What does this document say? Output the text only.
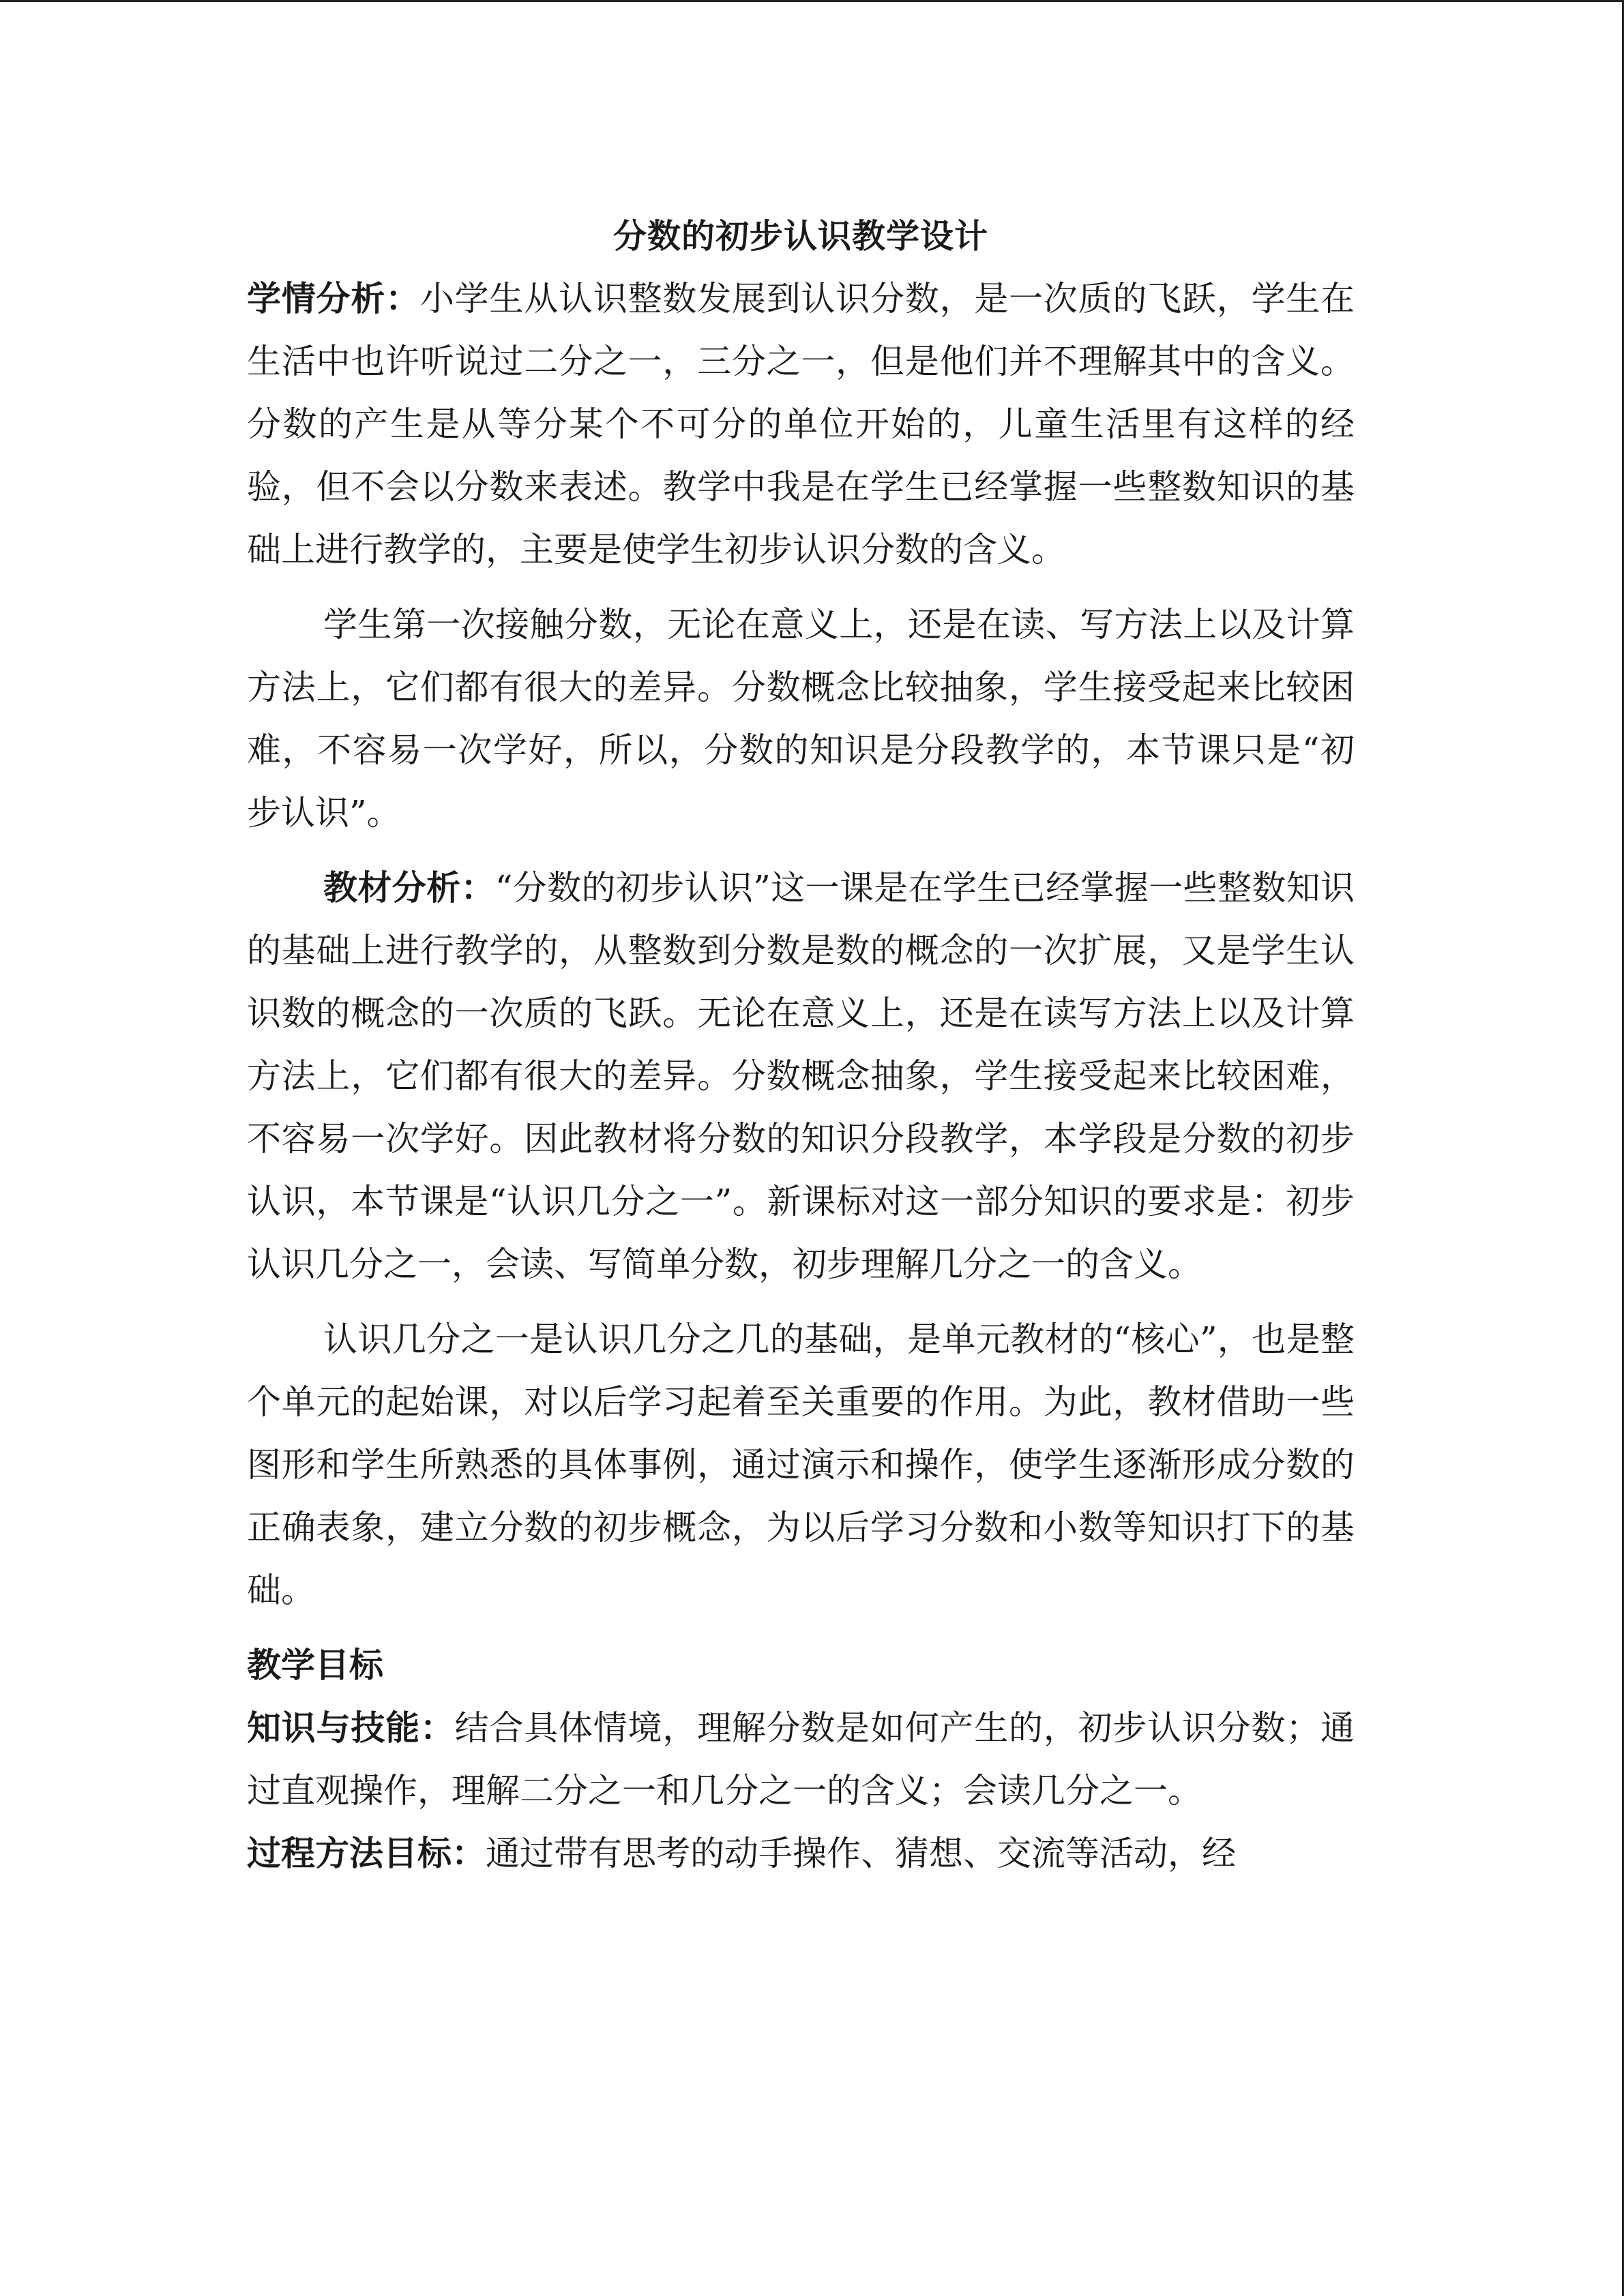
分数的初步认识教学设计

学情分析：小学生从认识整数发展到认识分数，是一次质的飞跃，学生在生活中也许听说过二分之一，三分之一，但是他们并不理解其中的含义。分数的产生是从等分某个不可分的单位开始的，儿童生活里有这样的经验，但不会以分数来表述。教学中我是在学生已经掌握一些整数知识的基础上进行教学的，主要是使学生初步认识分数的含义。

学生第一次接触分数，无论在意义上，还是在读、写方法上以及计算方法上，它们都有很大的差异。分数概念比较抽象，学生接受起来比较困难，不容易一次学好，所以，分数的知识是分段教学的，本节课只是“初步认识”。

教材分析：“分数的初步认识”这一课是在学生已经掌握一些整数知识的基础上进行教学的，从整数到分数是数的概念的一次扩展，又是学生认识数的概念的一次质的飞跃。无论在意义上，还是在读写方法上以及计算方法上，它们都有很大的差异。分数概念抽象，学生接受起来比较困难，不容易一次学好。因此教材将分数的知识分段教学，本学段是分数的初步认识，本节课是“认识几分之一”。新课标对这一部分知识的要求是：初步认识几分之一，会读、写简单分数，初步理解几分之一的含义。

认识几分之一是认识几分之几的基础，是单元教材的“核心”，也是整个单元的起始课，对以后学习起着至关重要的作用。为此，教材借助一些图形和学生所熟悉的具体事例，通过演示和操作，使学生逐渐形成分数的正确表象，建立分数的初步概念，为以后学习分数和小数等知识打下的基础。

教学目标

知识与技能：结合具体情境，理解分数是如何产生的，初步认识分数；通过直观操作，理解二分之一和几分之一的含义；会读几分之一。

过程方法目标：通过带有思考的动手操作、猜想、交流等活动，经
